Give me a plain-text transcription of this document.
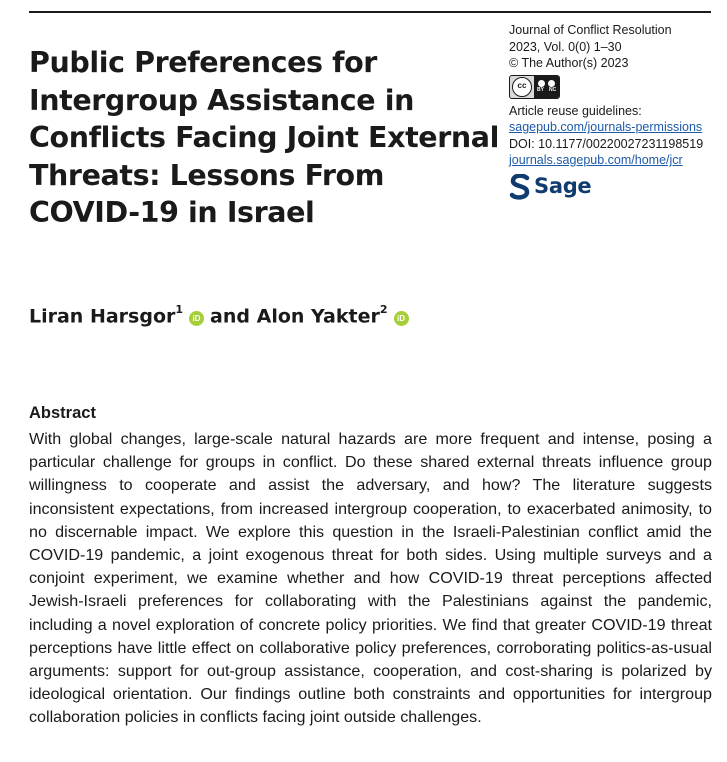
Public Preferences for Intergroup Assistance in Conflicts Facing Joint External Threats: Lessons From COVID-19 in Israel
Journal of Conflict Resolution
2023, Vol. 0(0) 1–30
© The Author(s) 2023
cc	BY NC
Article reuse guidelines:
sagepub.com/journals-permissions
DOI: 10.1177/00220027231198519
journals.sagepub.com/home/jcr
Sage
Liran Harsgor$^1$iD and Alon Yakter$^2$iD
Abstract
With global changes, large-scale natural hazards are more frequent and intense, posing a particular challenge for groups in conflict. Do these shared external threats influence group willingness to cooperate and assist the adversary, and how? The literature suggests inconsistent expectations, from increased intergroup cooperation, to exacerbated animosity, to no discernable impact. We explore this question in the Israeli-Palestinian conflict amid the COVID-19 pandemic, a joint exogenous threat for both sides. Using multiple surveys and a conjoint experiment, we examine whether and how COVID-19 threat perceptions affected Jewish-Israeli preferences for collaborating with the Palestinians against the pandemic, including a novel exploration of concrete policy priorities. We find that greater COVID-19 threat perceptions have little effect on collaborative policy preferences, corroborating politics-as-usual arguments: support for out-group assistance, cooperation, and cost-sharing is polarized by ideological orientation. Our findings outline both constraints and opportunities for intergroup collaboration policies in conflicts facing joint outside challenges.
